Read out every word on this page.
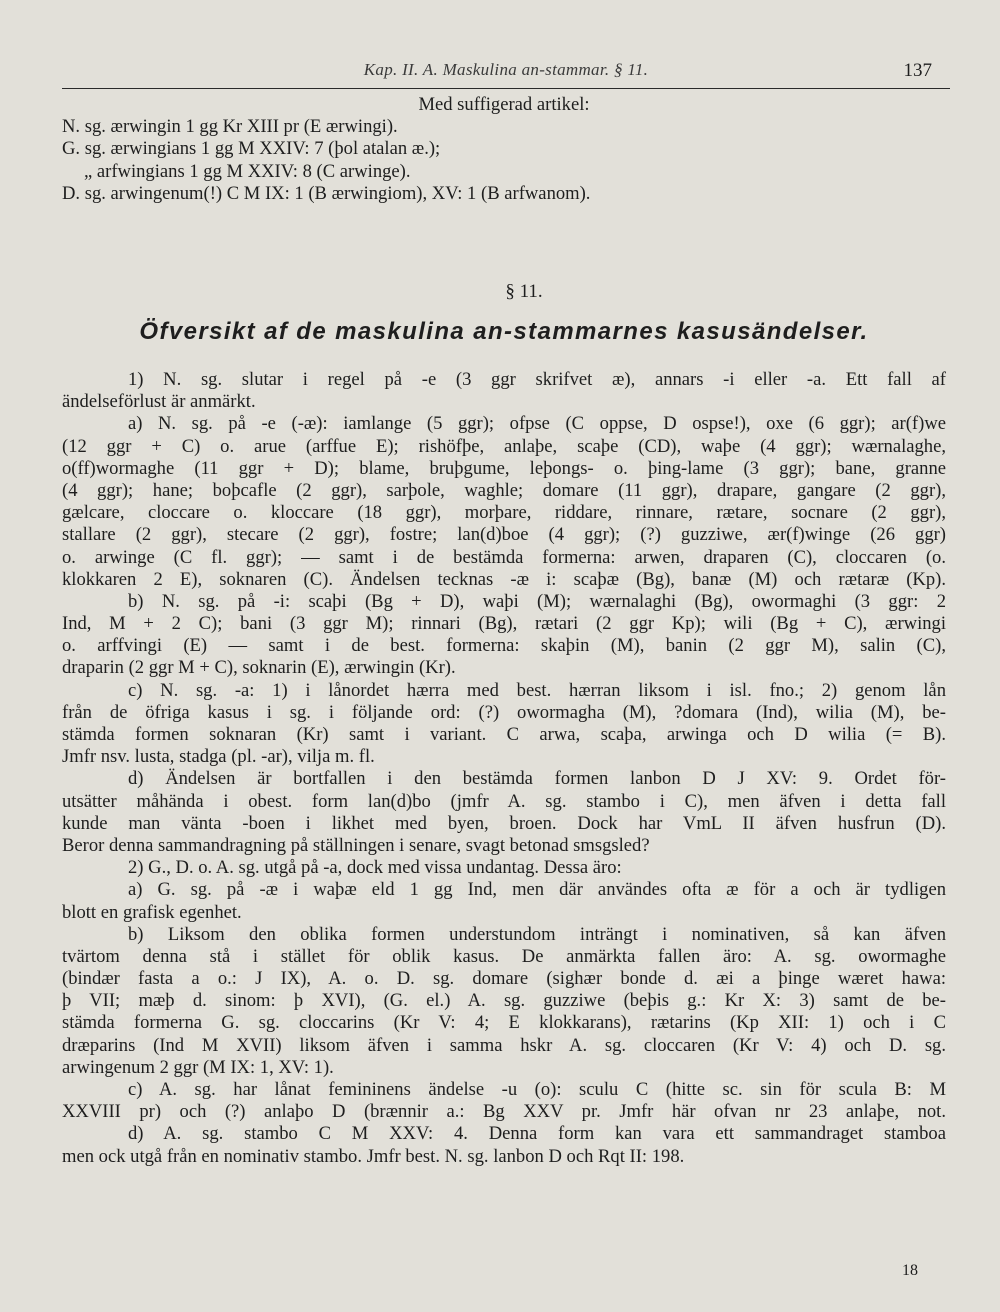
Kap. II. A. Maskulina an-stammar. § 11.	137
Med suffigerad artikel:
N. sg. ærwingin 1 gg Kr XIII pr (E ærwingi).
G. sg. ærwingians 1 gg M XXIV: 7 (þol atalan æ.);
„ arfwingians 1 gg M XXIV: 8 (C arwinge).
D. sg. arwingenum(!) C M IX: 1 (B ærwingiom), XV: 1 (B arfwanom).
§ 11.
Öfversikt af de maskulina an-stammarnes kasusändelser.
1) N. sg. slutar i regel på -e (3 ggr skrifvet æ), annars -i eller -a. Ett fall af
ändelseförlust är anmärkt.
a) N. sg. på -e (-æ): iamlange (5 ggr); ofpse (C oppse, D ospse!), oxe (6 ggr); ar(f)we
(12 ggr + C) o. arue (arffue E); rishöfþe, anlaþe, scaþe (CD), waþe (4 ggr); wærnalaghe,
o(ff)wormaghe (11 ggr + D); blame, bruþgume, leþongs- o. þing-lame (3 ggr); bane, granne
(4 ggr); hane; boþcafle (2 ggr), sarþole, waghle; domare (11 ggr), drapare, gangare (2 ggr),
gælcare, cloccare o. kloccare (18 ggr), morþare, riddare, rinnare, rætare, socnare (2 ggr),
stallare (2 ggr), stecare (2 ggr), fostre; lan(d)boe (4 ggr); (?) guzziwe, ær(f)winge (26 ggr)
o. arwinge (C fl. ggr); — samt i de bestämda formerna: arwen, draparen (C), cloccaren (o.
klokkaren 2 E), soknaren (C). Ändelsen tecknas -æ i: scaþæ (Bg), banæ (M) och rætaræ (Kp).
b) N. sg. på -i: scaþi (Bg + D), waþi (M); wærnalaghi (Bg), owormaghi (3 ggr: 2
Ind, M + 2 C); bani (3 ggr M); rinnari (Bg), rætari (2 ggr Kp); wili (Bg + C), ærwingi
o. arffvingi (E) — samt i de best. formerna: skaþin (M), banin (2 ggr M), salin (C),
draparin (2 ggr M + C), soknarin (E), ærwingin (Kr).
c) N. sg. -a: 1) i lånordet hærra med best. hærran liksom i isl. fno.; 2) genom lån
från de öfriga kasus i sg. i följande ord: (?) owormagha (M), ?domara (Ind), wilia (M), be-
stämda formen soknaran (Kr) samt i variant. C arwa, scaþa, arwinga och D wilia (= B).
Jmfr nsv. lusta, stadga (pl. -ar), vilja m. fl.
d) Ändelsen är bortfallen i den bestämda formen lanbon D J XV: 9. Ordet för-
utsätter måhända i obest. form lan(d)bo (jmfr A. sg. stambo i C), men äfven i detta fall
kunde man vänta -boen i likhet med byen, broen. Dock har VmL II äfven husfrun (D).
Beror denna sammandragning på ställningen i senare, svagt betonad smsgsled?
2) G., D. o. A. sg. utgå på -a, dock med vissa undantag. Dessa äro:
a) G. sg. på -æ i waþæ eld 1 gg Ind, men där användes ofta æ för a och är tydligen
blott en grafisk egenhet.
b) Liksom den oblika formen understundom inträngt i nominativen, så kan äfven
tvärtom denna stå i stället för oblik kasus. De anmärkta fallen äro: A. sg. owormaghe
(bindær fasta a o.: J IX), A. o. D. sg. domare (sighær bonde d. æi a þinge wæret hawa:
þ VII; mæþ d. sinom: þ XVI), (G. el.) A. sg. guzziwe (beþis g.: Kr X: 3) samt de be-
stämda formerna G. sg. cloccarins (Kr V: 4; E klokkarans), rætarins (Kp XII: 1) och i C
dræparins (Ind M XVII) liksom äfven i samma hskr A. sg. cloccaren (Kr V: 4) och D. sg.
arwingenum 2 ggr (M IX: 1, XV: 1).
c) A. sg. har lånat femininens ändelse -u (o): sculu C (hitte sc. sin för scula B: M
XXVIII pr) och (?) anlaþo D (brænnir a.: Bg XXV pr. Jmfr här ofvan nr 23 anlaþe, not.
d) A. sg. stambo C M XXV: 4. Denna form kan vara ett sammandraget stamboa
men ock utgå från en nominativ stambo. Jmfr best. N. sg. lanbon D och Rqt II: 198.
18
